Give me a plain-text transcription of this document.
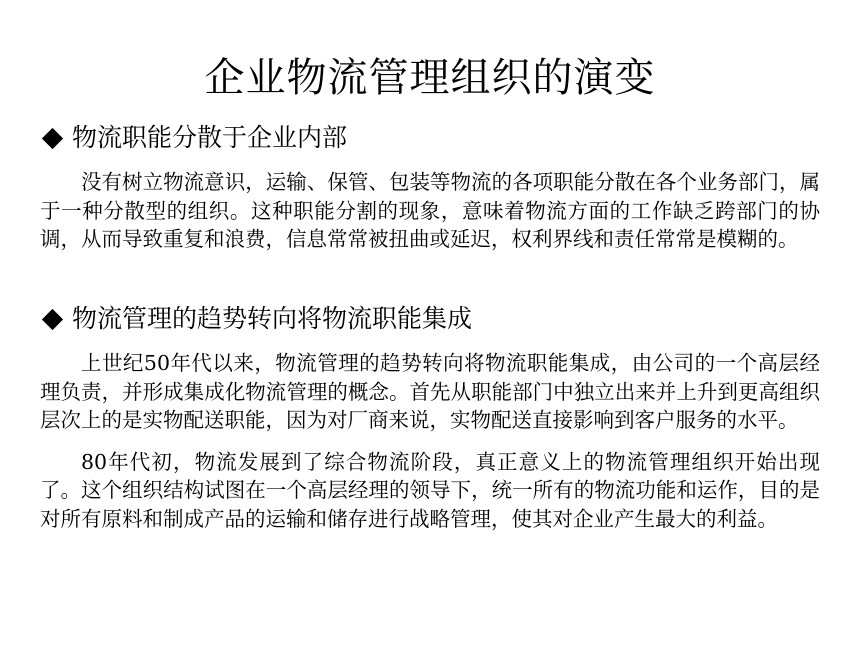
企业物流管理组织的演变
物流职能分散于企业内部

没有树立物流意识，运输、保管、包装等物流的各项职能分散在各个业务部门，属于一种分散型的组织。这种职能分割的现象，意味着物流方面的工作缺乏跨部门的协调，从而导致重复和浪费，信息常常被扭曲或延迟，权利界线和责任常常是模糊的。

物流管理的趋势转向将物流职能集成

上世纪50年代以来，物流管理的趋势转向将物流职能集成，由公司的一个高层经理负责，并形成集成化物流管理的概念。首先从职能部门中独立出来并上升到更高组织层次上的是实物配送职能，因为对厂商来说，实物配送直接影响到客户服务的水平。

80年代初，物流发展到了综合物流阶段，真正意义上的物流管理组织开始出现了。这个组织结构试图在一个高层经理的领导下，统一所有的物流功能和运作，目的是对所有原料和制成产品的运输和储存进行战略管理，使其对企业产生最大的利益。
